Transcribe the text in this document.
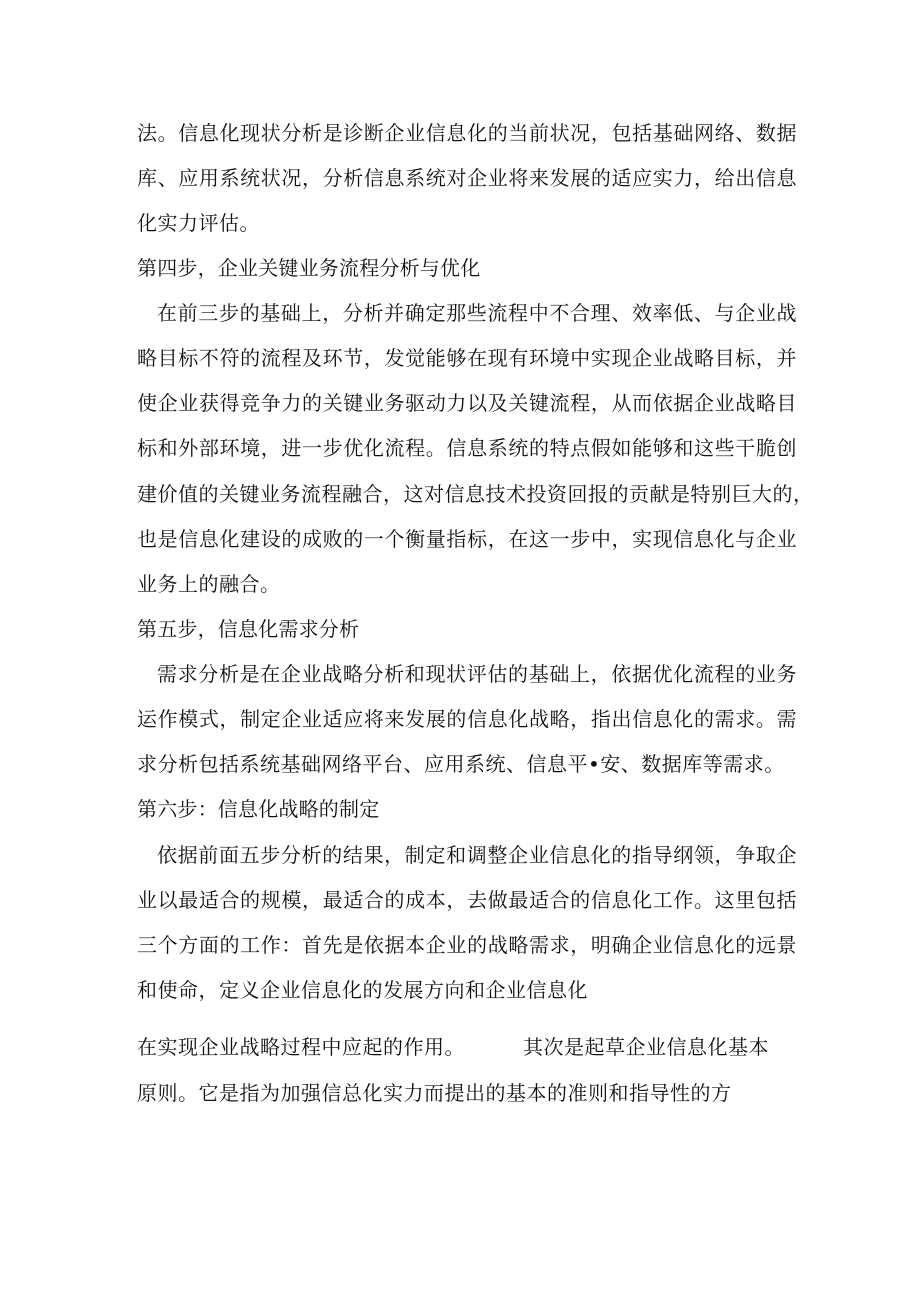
法。信息化现状分析是诊断企业信息化的当前状况，包括基础网络、数据
库、应用系统状况，分析信息系统对企业将来发展的适应实力，给出信息
化实力评估。
第四步，企业关键业务流程分析与优化
在前三步的基础上，分析并确定那些流程中不合理、效率低、与企业战
略目标不符的流程及环节，发觉能够在现有环境中实现企业战略目标，并
使企业获得竞争力的关键业务驱动力以及关键流程，从而依据企业战略目
标和外部环境，进一步优化流程。信息系统的特点假如能够和这些干脆创
建价值的关键业务流程融合，这对信息技术投资回报的贡献是特别巨大的，
也是信息化建设的成败的一个衡量指标，在这一步中，实现信息化与企业
业务上的融合。
第五步，信息化需求分析
需求分析是在企业战略分析和现状评估的基础上，依据优化流程的业务
运作模式，制定企业适应将来发展的信息化战略，指出信息化的需求。需
求分析包括系统基础网络平台、应用系统、信息平•安、数据库等需求。
第六步：信息化战略的制定
依据前面五步分析的结果，制定和调整企业信息化的指导纲领，争取企
业以最适合的规模，最适合的成本，去做最适合的信息化工作。这里包括
三个方面的工作：首先是依据本企业的战略需求，明确企业信息化的远景
和使命，定义企业信息化的发展方向和企业信息化
在实现企业战略过程中应起的作用。	其次是起草企业信息化基本
原则。它是指为加强信总化实力而提出的基本的准则和指导性的方
